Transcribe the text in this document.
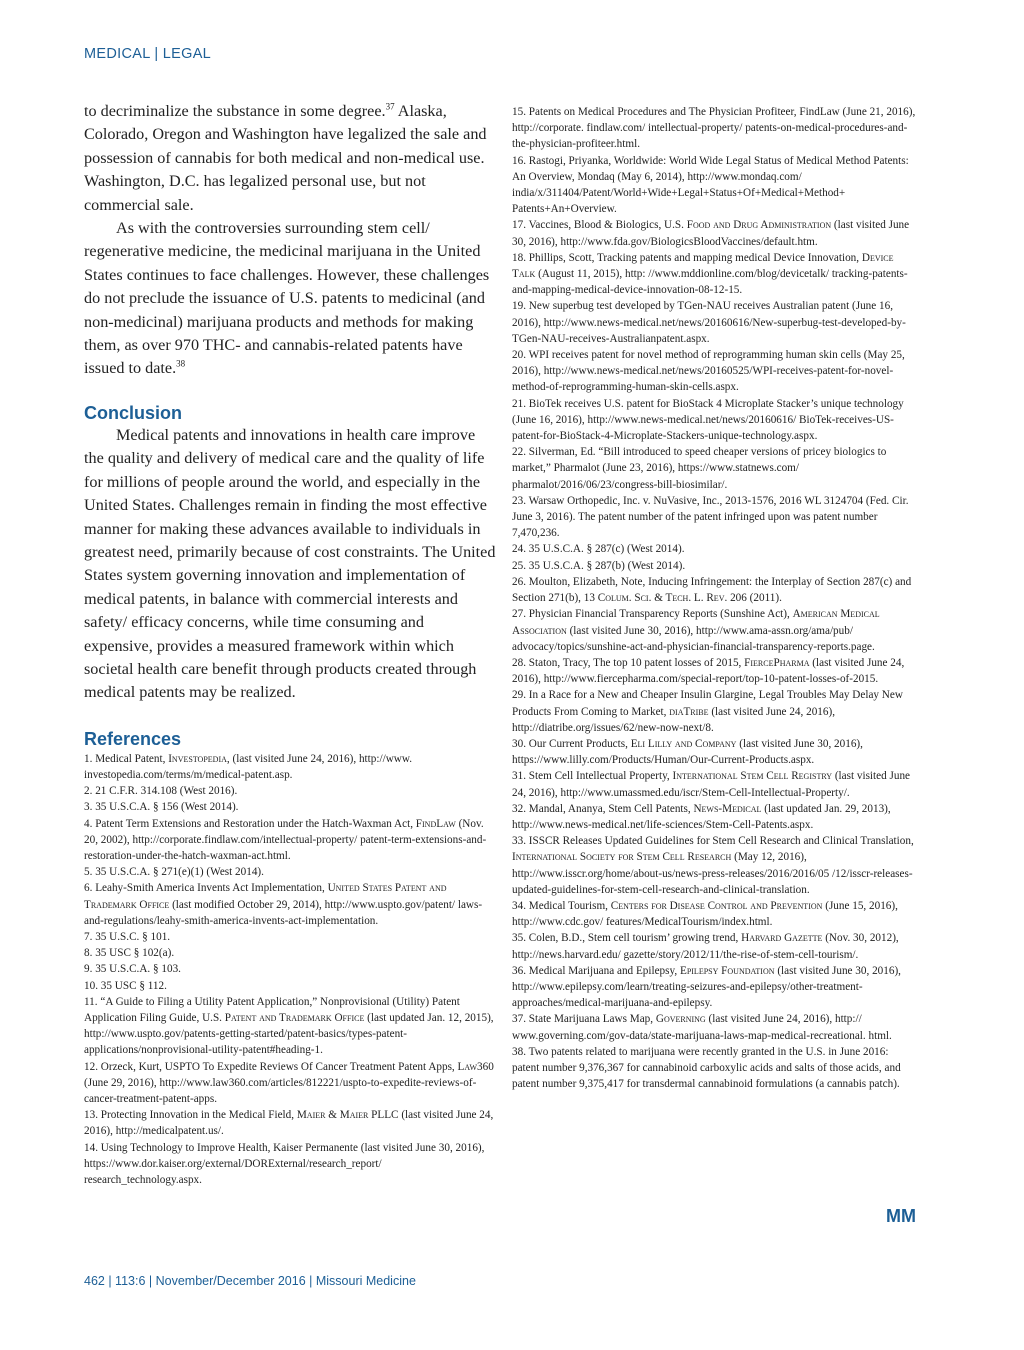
MEDICAL | LEGAL

to decriminalize the substance in some degree.$^{37}$ Alaska, Colorado, Oregon and Washington have legalized the sale and possession of cannabis for both medical and non-medical use. Washington, D.C. has legalized personal use, but not commercial sale.

As with the controversies surrounding stem cell/ regenerative medicine, the medicinal marijuana in the United States continues to face challenges. However, these challenges do not preclude the issuance of U.S. patents to medicinal (and non-medicinal) marijuana products and methods for making them, as over 970 THC- and cannabis-related patents have issued to date.$^{38}$

Conclusion

Medical patents and innovations in health care improve the quality and delivery of medical care and the quality of life for millions of people around the world, and especially in the United States. Challenges remain in finding the most effective manner for making these advances available to individuals in greatest need, primarily because of cost constraints. The United States system governing innovation and implementation of medical patents, in balance with commercial interests and safety/ efficacy concerns, while time consuming and expensive, provides a measured framework within which societal health care benefit through products created through medical patents may be realized.

References
1. Medical Patent, Investopedia, (last visited June 24, 2016), http://www. investopedia.com/terms/m/medical-patent.asp.
2. 21 C.F.R. 314.108 (West 2016).
3. 35 U.S.C.A. § 156 (West 2014).
4. Patent Term Extensions and Restoration under the Hatch-Waxman Act, FindLaw (Nov. 20, 2002), http://corporate.findlaw.com/intellectual-property/ patent-term-extensions-and-restoration-under-the-hatch-waxman-act.html.
5. 35 U.S.C.A. § 271(e)(1) (West 2014).
6. Leahy-Smith America Invents Act Implementation, United States Patent and Trademark Office (last modified October 29, 2014), http://www.uspto.gov/patent/ laws-and-regulations/leahy-smith-america-invents-act-implementation.
7. 35 U.S.C. § 101.
8. 35 USC § 102(a).
9. 35 U.S.C.A. § 103.
10. 35 USC § 112.
11. “A Guide to Filing a Utility Patent Application,” Nonprovisional (Utility) Patent Application Filing Guide, U.S. Patent and Trademark Office (last updated Jan. 12, 2015), http://www.uspto.gov/patents-getting-started/patent-basics/types-patent-applications/nonprovisional-utility-patent#heading-1.
12. Orzeck, Kurt, USPTO To Expedite Reviews Of Cancer Treatment Patent Apps, Law360 (June 29, 2016), http://www.law360.com/articles/812221/uspto-to-expedite-reviews-of-cancer-treatment-patent-apps.
13. Protecting Innovation in the Medical Field, Maier & Maier PLLC (last visited June 24, 2016), http://medicalpatent.us/.
14. Using Technology to Improve Health, Kaiser Permanente (last visited June 30, 2016), https://www.dor.kaiser.org/external/DORExternal/research_report/ research_technology.aspx.
15. Patents on Medical Procedures and The Physician Profiteer, FindLaw (June 21, 2016), http://corporate. findlaw.com/ intellectual-property/ patents-on-medical-procedures-and-the-physician-profiteer.html.
16. Rastogi, Priyanka, Worldwide: World Wide Legal Status of Medical Method Patents: An Overview, Mondaq (May 6, 2014), http://www.mondaq.com/ india/x/311404/Patent/World+Wide+Legal+Status+Of+Medical+Method+ Patents+An+Overview.
17. Vaccines, Blood & Biologics, U.S. Food and Drug Administration (last visited June 30, 2016), http://www.fda.gov/BiologicsBloodVaccines/default.htm.
18. Phillips, Scott, Tracking patents and mapping medical Device Innovation, Device Talk (August 11, 2015), http: //www.mddionline.com/blog/devicetalk/ tracking-patents-and-mapping-medical-device-innovation-08-12-15.
19. New superbug test developed by TGen-NAU receives Australian patent (June 16, 2016), http://www.news-medical.net/news/20160616/New-superbug-test-developed-by-TGen-NAU-receives-Australianpatent.aspx.
20. WPI receives patent for novel method of reprogramming human skin cells (May 25, 2016), http://www.news-medical.net/news/20160525/WPI-receives-patent-for-novel-method-of-reprogramming-human-skin-cells.aspx.
21. BioTek receives U.S. patent for BioStack 4 Microplate Stacker’s unique technology (June 16, 2016), http://www.news-medical.net/news/20160616/ BioTek-receives-US-patent-for-BioStack-4-Microplate-Stackers-unique-technology.aspx.
22. Silverman, Ed. “Bill introduced to speed cheaper versions of pricey biologics to market,” Pharmalot (June 23, 2016), https://www.statnews.com/ pharmalot/2016/06/23/congress-bill-biosimilar/.
23. Warsaw Orthopedic, Inc. v. NuVasive, Inc., 2013-1576, 2016 WL 3124704 (Fed. Cir. June 3, 2016). The patent number of the patent infringed upon was patent number 7,470,236.
24. 35 U.S.C.A. § 287(c) (West 2014).
25. 35 U.S.C.A. § 287(b) (West 2014).
26. Moulton, Elizabeth, Note, Inducing Infringement: the Interplay of Section 287(c) and Section 271(b), 13 Colum. Sci. & Tech. L. Rev. 206 (2011).
27. Physician Financial Transparency Reports (Sunshine Act), American Medical Association (last visited June 30, 2016), http://www.ama-assn.org/ama/pub/ advocacy/topics/sunshine-act-and-physician-financial-transparency-reports.page.
28. Staton, Tracy, The top 10 patent losses of 2015, FiercePharma (last visited June 24, 2016), http://www.fiercepharma.com/special-report/top-10-patent-losses-of-2015.
29. In a Race for a New and Cheaper Insulin Glargine, Legal Troubles May Delay New Products From Coming to Market, diaTribe (last visited June 24, 2016), http://diatribe.org/issues/62/new-now-next/8.
30. Our Current Products, Eli Lilly and Company (last visited June 30, 2016), https://www.lilly.com/Products/Human/Our-Current-Products.aspx.
31. Stem Cell Intellectual Property, International Stem Cell Registry (last visited June 24, 2016), http://www.umassmed.edu/iscr/Stem-Cell-Intellectual-Property/.
32. Mandal, Ananya, Stem Cell Patents, News-Medical (last updated Jan. 29, 2013), http://www.news-medical.net/life-sciences/Stem-Cell-Patents.aspx.
33. ISSCR Releases Updated Guidelines for Stem Cell Research and Clinical Translation, International Society for Stem Cell Research (May 12, 2016), http://www.isscr.org/home/about-us/news-press-releases/2016/2016/05 /12/isscr-releases-updated-guidelines-for-stem-cell-research-and-clinical-translation.
34. Medical Tourism, Centers for Disease Control and Prevention (June 15, 2016), http://www.cdc.gov/ features/MedicalTourism/index.html.
35. Colen, B.D., Stem cell tourism’ growing trend, Harvard Gazette (Nov. 30, 2012), http://news.harvard.edu/ gazette/story/2012/11/the-rise-of-stem-cell-tourism/.
36. Medical Marijuana and Epilepsy, Epilepsy Foundation (last visited June 30, 2016), http://www.epilepsy.com/learn/treating-seizures-and-epilepsy/other-treatment-approaches/medical-marijuana-and-epilepsy.
37. State Marijuana Laws Map, Governing (last visited June 24, 2016), http:// www.governing.com/gov-data/state-marijuana-laws-map-medical-recreational. html.
38. Two patents related to marijuana were recently granted in the U.S. in June 2016: patent number 9,376,367 for cannabinoid carboxylic acids and salts of those acids, and patent number 9,375,417 for transdermal cannabinoid formulations (a cannabis patch).
MM
462 | 113:6 | November/December 2016 | Missouri Medicine
